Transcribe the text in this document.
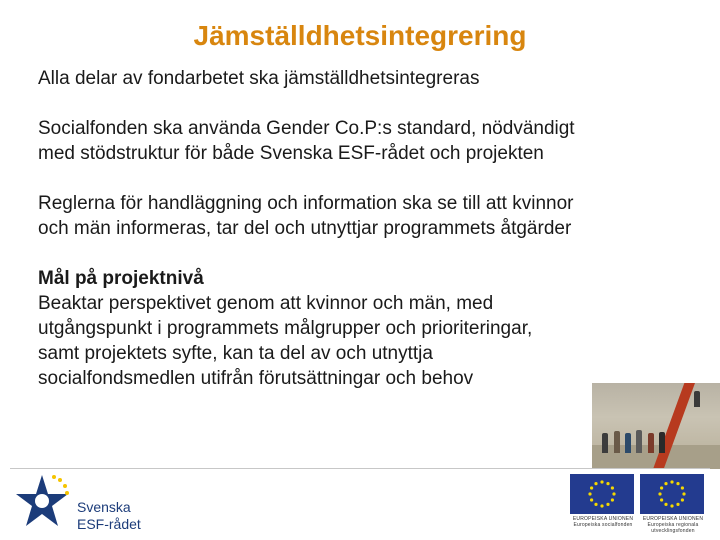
Jämställdhetsintegrering

Alla delar av fondarbetet ska jämställdhetsintegreras

Socialfonden ska använda Gender Co.P:s standard, nödvändigt

med stödstruktur för både Svenska ESF-rådet och projekten

Reglerna för handläggning och information ska se till att kvinnor

och män informeras, tar del och utnyttjar programmets åtgärder

Mål på projektnivå

Beaktar perspektivet genom att kvinnor och män, med

utgångspunkt i programmets målgrupper och prioriteringar,

samt projektets syfte, kan ta del av och utnyttja

socialfondsmedlen utifrån förutsättningar och behov

Svenska
ESF-rådet	EUROPEISKA UNIONEN
Europeiska socialfonden
EUROPEISKA UNIONEN
Europeiska regionala utvecklingsfonden
